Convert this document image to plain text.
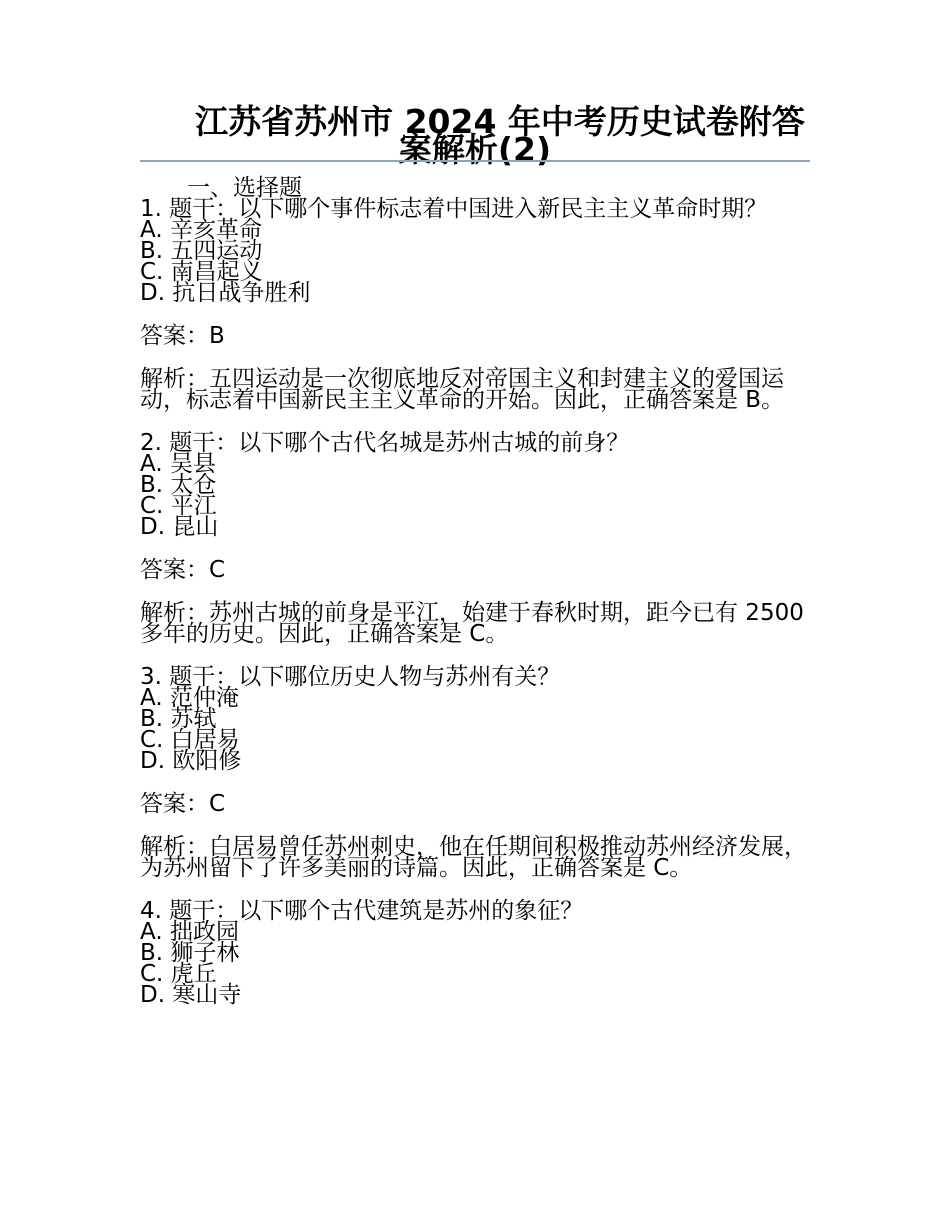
江苏省苏州市 2024 年中考历史试卷附答
案解析(2)
一、选择题
1. 题干：以下哪个事件标志着中国进入新民主主义革命时期？
A. 辛亥革命
B. 五四运动
C. 南昌起义
D. 抗日战争胜利
答案：B
解析：五四运动是一次彻底地反对帝国主义和封建主义的爱国运动，标志着中国新民主主义革命的开始。因此，正确答案是 B。
2. 题干：以下哪个古代名城是苏州古城的前身？
A. 吴县
B. 太仓
C. 平江
D. 昆山
答案：C
解析：苏州古城的前身是平江，始建于春秋时期，距今已有 2500 多年的历史。因此，正确答案是 C。
3. 题干：以下哪位历史人物与苏州有关？
A. 范仲淹
B. 苏轼
C. 白居易
D. 欧阳修
答案：C
解析：白居易曾任苏州刺史，他在任期间积极推动苏州经济发展，为苏州留下了许多美丽的诗篇。因此，正确答案是 C。
4. 题干：以下哪个古代建筑是苏州的象征？
A. 拙政园
B. 狮子林
C. 虎丘
D. 寒山寺
